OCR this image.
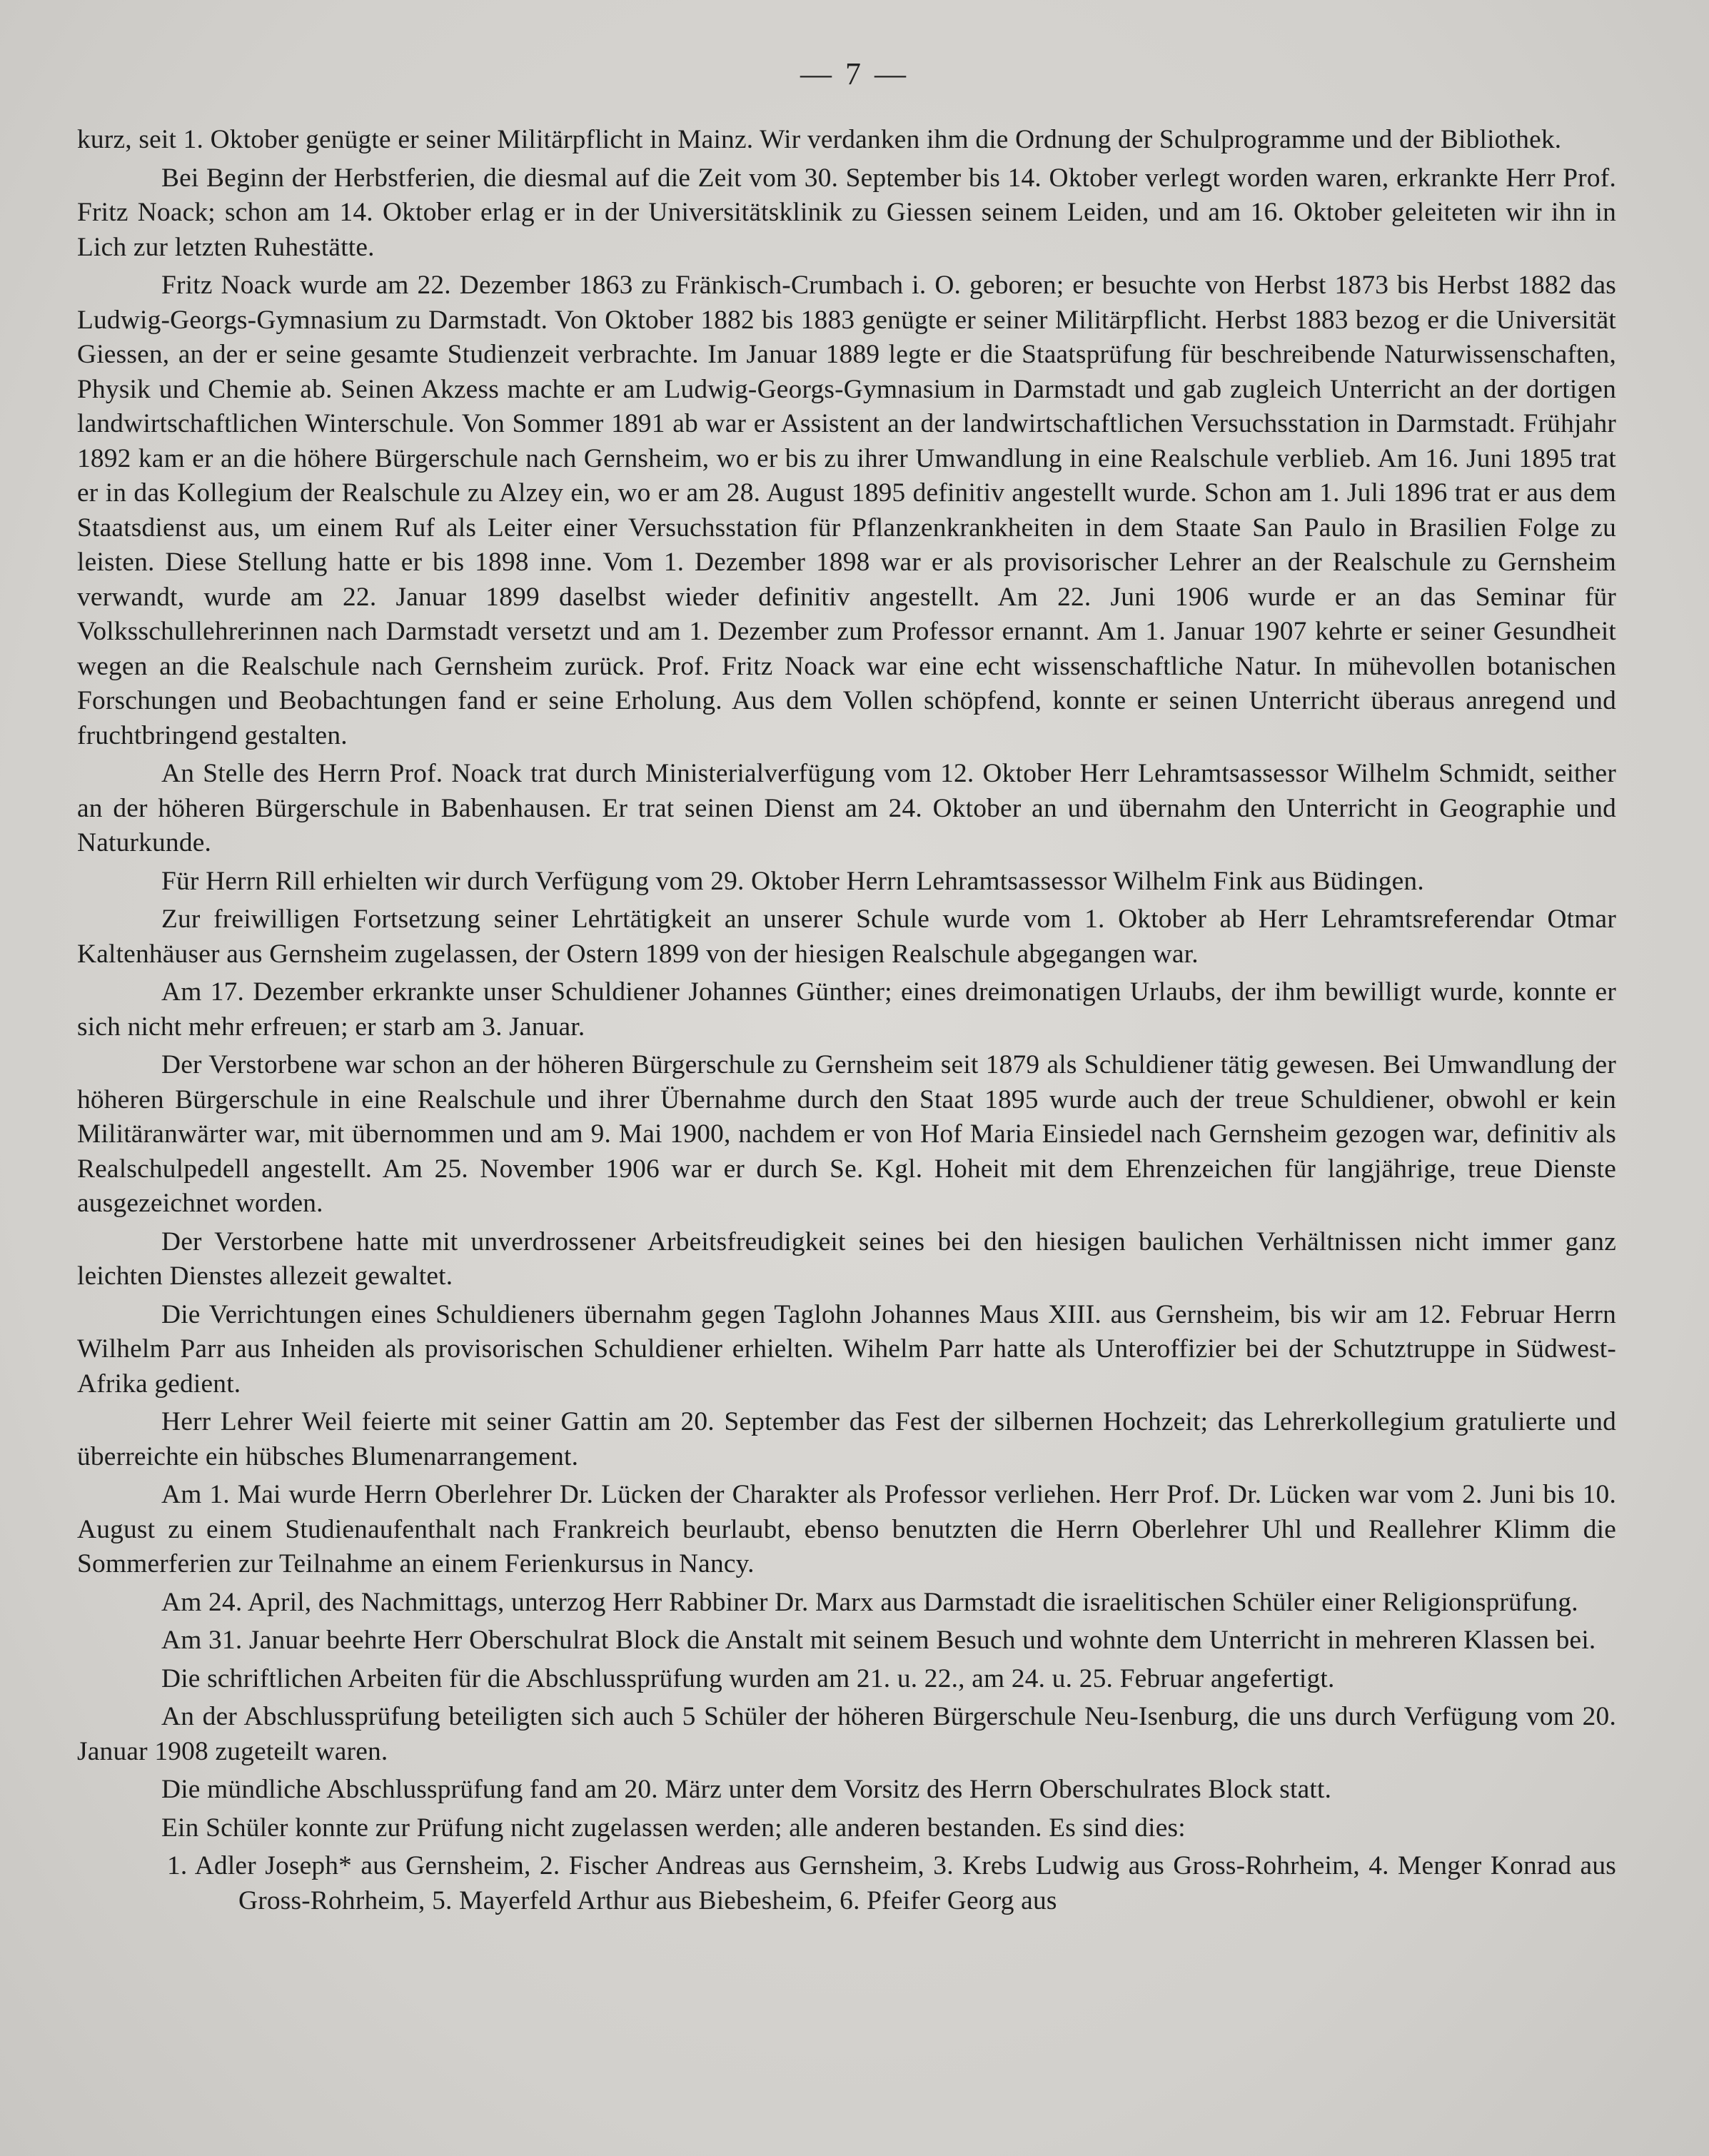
— 7 —

kurz, seit 1. Oktober genügte er seiner Militärpflicht in Mainz. Wir verdanken ihm die Ordnung der Schulprogramme und der Bibliothek.

Bei Beginn der Herbstferien, die diesmal auf die Zeit vom 30. September bis 14. Oktober verlegt worden waren, erkrankte Herr Prof. Fritz Noack; schon am 14. Oktober erlag er in der Universitätsklinik zu Giessen seinem Leiden, und am 16. Oktober geleiteten wir ihn in Lich zur letzten Ruhestätte.

Fritz Noack wurde am 22. Dezember 1863 zu Fränkisch-Crumbach i. O. geboren; er besuchte von Herbst 1873 bis Herbst 1882 das Ludwig-Georgs-Gymnasium zu Darmstadt. Von Oktober 1882 bis 1883 genügte er seiner Militärpflicht. Herbst 1883 bezog er die Universität Giessen, an der er seine gesamte Studienzeit verbrachte. Im Januar 1889 legte er die Staatsprüfung für beschreibende Naturwissenschaften, Physik und Chemie ab. Seinen Akzess machte er am Ludwig-Georgs-Gymnasium in Darmstadt und gab zugleich Unterricht an der dortigen landwirtschaftlichen Winterschule. Von Sommer 1891 ab war er Assistent an der landwirtschaftlichen Versuchsstation in Darmstadt. Frühjahr 1892 kam er an die höhere Bürgerschule nach Gernsheim, wo er bis zu ihrer Umwandlung in eine Realschule verblieb. Am 16. Juni 1895 trat er in das Kollegium der Realschule zu Alzey ein, wo er am 28. August 1895 definitiv angestellt wurde. Schon am 1. Juli 1896 trat er aus dem Staatsdienst aus, um einem Ruf als Leiter einer Versuchsstation für Pflanzenkrankheiten in dem Staate San Paulo in Brasilien Folge zu leisten. Diese Stellung hatte er bis 1898 inne. Vom 1. Dezember 1898 war er als provisorischer Lehrer an der Realschule zu Gernsheim verwandt, wurde am 22. Januar 1899 daselbst wieder definitiv angestellt. Am 22. Juni 1906 wurde er an das Seminar für Volksschullehrerinnen nach Darmstadt versetzt und am 1. Dezember zum Professor ernannt. Am 1. Januar 1907 kehrte er seiner Gesundheit wegen an die Realschule nach Gernsheim zurück. Prof. Fritz Noack war eine echt wissenschaftliche Natur. In mühevollen botanischen Forschungen und Beobachtungen fand er seine Erholung. Aus dem Vollen schöpfend, konnte er seinen Unterricht überaus anregend und fruchtbringend gestalten.

An Stelle des Herrn Prof. Noack trat durch Ministerialverfügung vom 12. Oktober Herr Lehramtsassessor Wilhelm Schmidt, seither an der höheren Bürgerschule in Babenhausen. Er trat seinen Dienst am 24. Oktober an und übernahm den Unterricht in Geographie und Naturkunde.

Für Herrn Rill erhielten wir durch Verfügung vom 29. Oktober Herrn Lehramtsassessor Wilhelm Fink aus Büdingen.

Zur freiwilligen Fortsetzung seiner Lehrtätigkeit an unserer Schule wurde vom 1. Oktober ab Herr Lehramtsreferendar Otmar Kaltenhäuser aus Gernsheim zugelassen, der Ostern 1899 von der hiesigen Realschule abgegangen war.

Am 17. Dezember erkrankte unser Schuldiener Johannes Günther; eines dreimonatigen Urlaubs, der ihm bewilligt wurde, konnte er sich nicht mehr erfreuen; er starb am 3. Januar.

Der Verstorbene war schon an der höheren Bürgerschule zu Gernsheim seit 1879 als Schuldiener tätig gewesen. Bei Umwandlung der höheren Bürgerschule in eine Realschule und ihrer Übernahme durch den Staat 1895 wurde auch der treue Schuldiener, obwohl er kein Militäranwärter war, mit übernommen und am 9. Mai 1900, nachdem er von Hof Maria Einsiedel nach Gernsheim gezogen war, definitiv als Realschulpedell angestellt. Am 25. November 1906 war er durch Se. Kgl. Hoheit mit dem Ehrenzeichen für langjährige, treue Dienste ausgezeichnet worden.

Der Verstorbene hatte mit unverdrossener Arbeitsfreudigkeit seines bei den hiesigen baulichen Verhältnissen nicht immer ganz leichten Dienstes allezeit gewaltet.

Die Verrichtungen eines Schuldieners übernahm gegen Taglohn Johannes Maus XIII. aus Gernsheim, bis wir am 12. Februar Herrn Wilhelm Parr aus Inheiden als provisorischen Schuldiener erhielten. Wihelm Parr hatte als Unteroffizier bei der Schutztruppe in Südwest-Afrika gedient.

Herr Lehrer Weil feierte mit seiner Gattin am 20. September das Fest der silbernen Hochzeit; das Lehrerkollegium gratulierte und überreichte ein hübsches Blumenarrangement.

Am 1. Mai wurde Herrn Oberlehrer Dr. Lücken der Charakter als Professor verliehen. Herr Prof. Dr. Lücken war vom 2. Juni bis 10. August zu einem Studienaufenthalt nach Frankreich beurlaubt, ebenso benutzten die Herrn Oberlehrer Uhl und Reallehrer Klimm die Sommerferien zur Teilnahme an einem Ferienkursus in Nancy.

Am 24. April, des Nachmittags, unterzog Herr Rabbiner Dr. Marx aus Darmstadt die israelitischen Schüler einer Religionsprüfung.

Am 31. Januar beehrte Herr Oberschulrat Block die Anstalt mit seinem Besuch und wohnte dem Unterricht in mehreren Klassen bei.

Die schriftlichen Arbeiten für die Abschlussprüfung wurden am 21. u. 22., am 24. u. 25. Februar angefertigt.

An der Abschlussprüfung beteiligten sich auch 5 Schüler der höheren Bürgerschule Neu-Isenburg, die uns durch Verfügung vom 20. Januar 1908 zugeteilt waren.

Die mündliche Abschlussprüfung fand am 20. März unter dem Vorsitz des Herrn Oberschulrates Block statt.

Ein Schüler konnte zur Prüfung nicht zugelassen werden; alle anderen bestanden. Es sind dies:

1. Adler Joseph* aus Gernsheim, 2. Fischer Andreas aus Gernsheim, 3. Krebs Ludwig aus Gross-Rohrheim, 4. Menger Konrad aus Gross-Rohrheim, 5. Mayerfeld Arthur aus Biebesheim, 6. Pfeifer Georg aus
